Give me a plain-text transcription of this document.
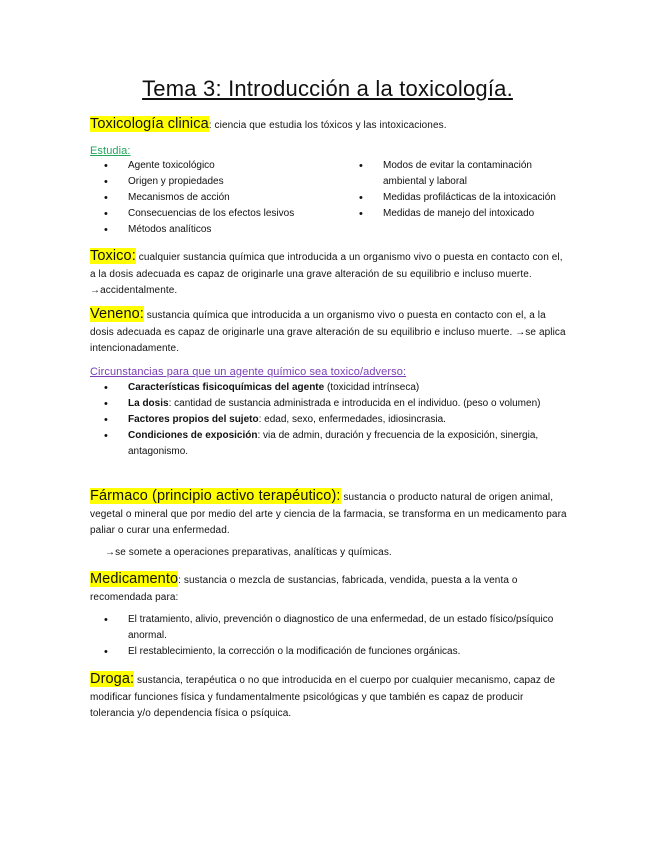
Tema 3: Introducción a la toxicología.
Toxicología clinica: ciencia que estudia los tóxicos y las intoxicaciones.
Estudia:
• Agente toxicológico
• Origen y propiedades
• Mecanismos de acción
• Consecuencias de los efectos lesivos
• Métodos analíticos
• Modos de evitar la contaminación ambiental y laboral
• Medidas profilácticas de la intoxicación
• Medidas de manejo del intoxicado
Toxico: cualquier sustancia química que introducida a un organismo vivo o puesta en contacto con el, a la dosis adecuada es capaz de originarle una grave alteración de su equilibrio e incluso muerte. →accidentalmente.
Veneno: sustancia química que introducida a un organismo vivo o puesta en contacto con el, a la dosis adecuada es capaz de originarle una grave alteración de su equilibrio e incluso muerte. →se aplica intencionadamente.
Circunstancias para que un agente químico sea toxico/adverso:
• Características fisicoquímicas del agente (toxicidad intrínseca)
• La dosis: cantidad de sustancia administrada e introducida en el individuo. (peso o volumen)
• Factores propios del sujeto: edad, sexo, enfermedades, idiosincrasia.
• Condiciones de exposición: via de admin, duración y frecuencia de la exposición, sinergia, antagonismo.
Fármaco (principio activo terapéutico): sustancia o producto natural de origen animal, vegetal o mineral que por medio del arte y ciencia de la farmacia, se transforma en un medicamento para paliar o curar una enfermedad.
→se somete a operaciones preparativas, analíticas y químicas.
Medicamento: sustancia o mezcla de sustancias, fabricada, vendida, puesta a la venta o recomendada para:
• El tratamiento, alivio, prevención o diagnostico de una enfermedad, de un estado físico/psíquico anormal.
• El restablecimiento, la corrección o la modificación de funciones orgánicas.
Droga: sustancia, terapéutica o no que introducida en el cuerpo por cualquier mecanismo, capaz de modificar funciones física y fundamentalmente psicológicas y que también es capaz de producir tolerancia y/o dependencia física o psíquica.
